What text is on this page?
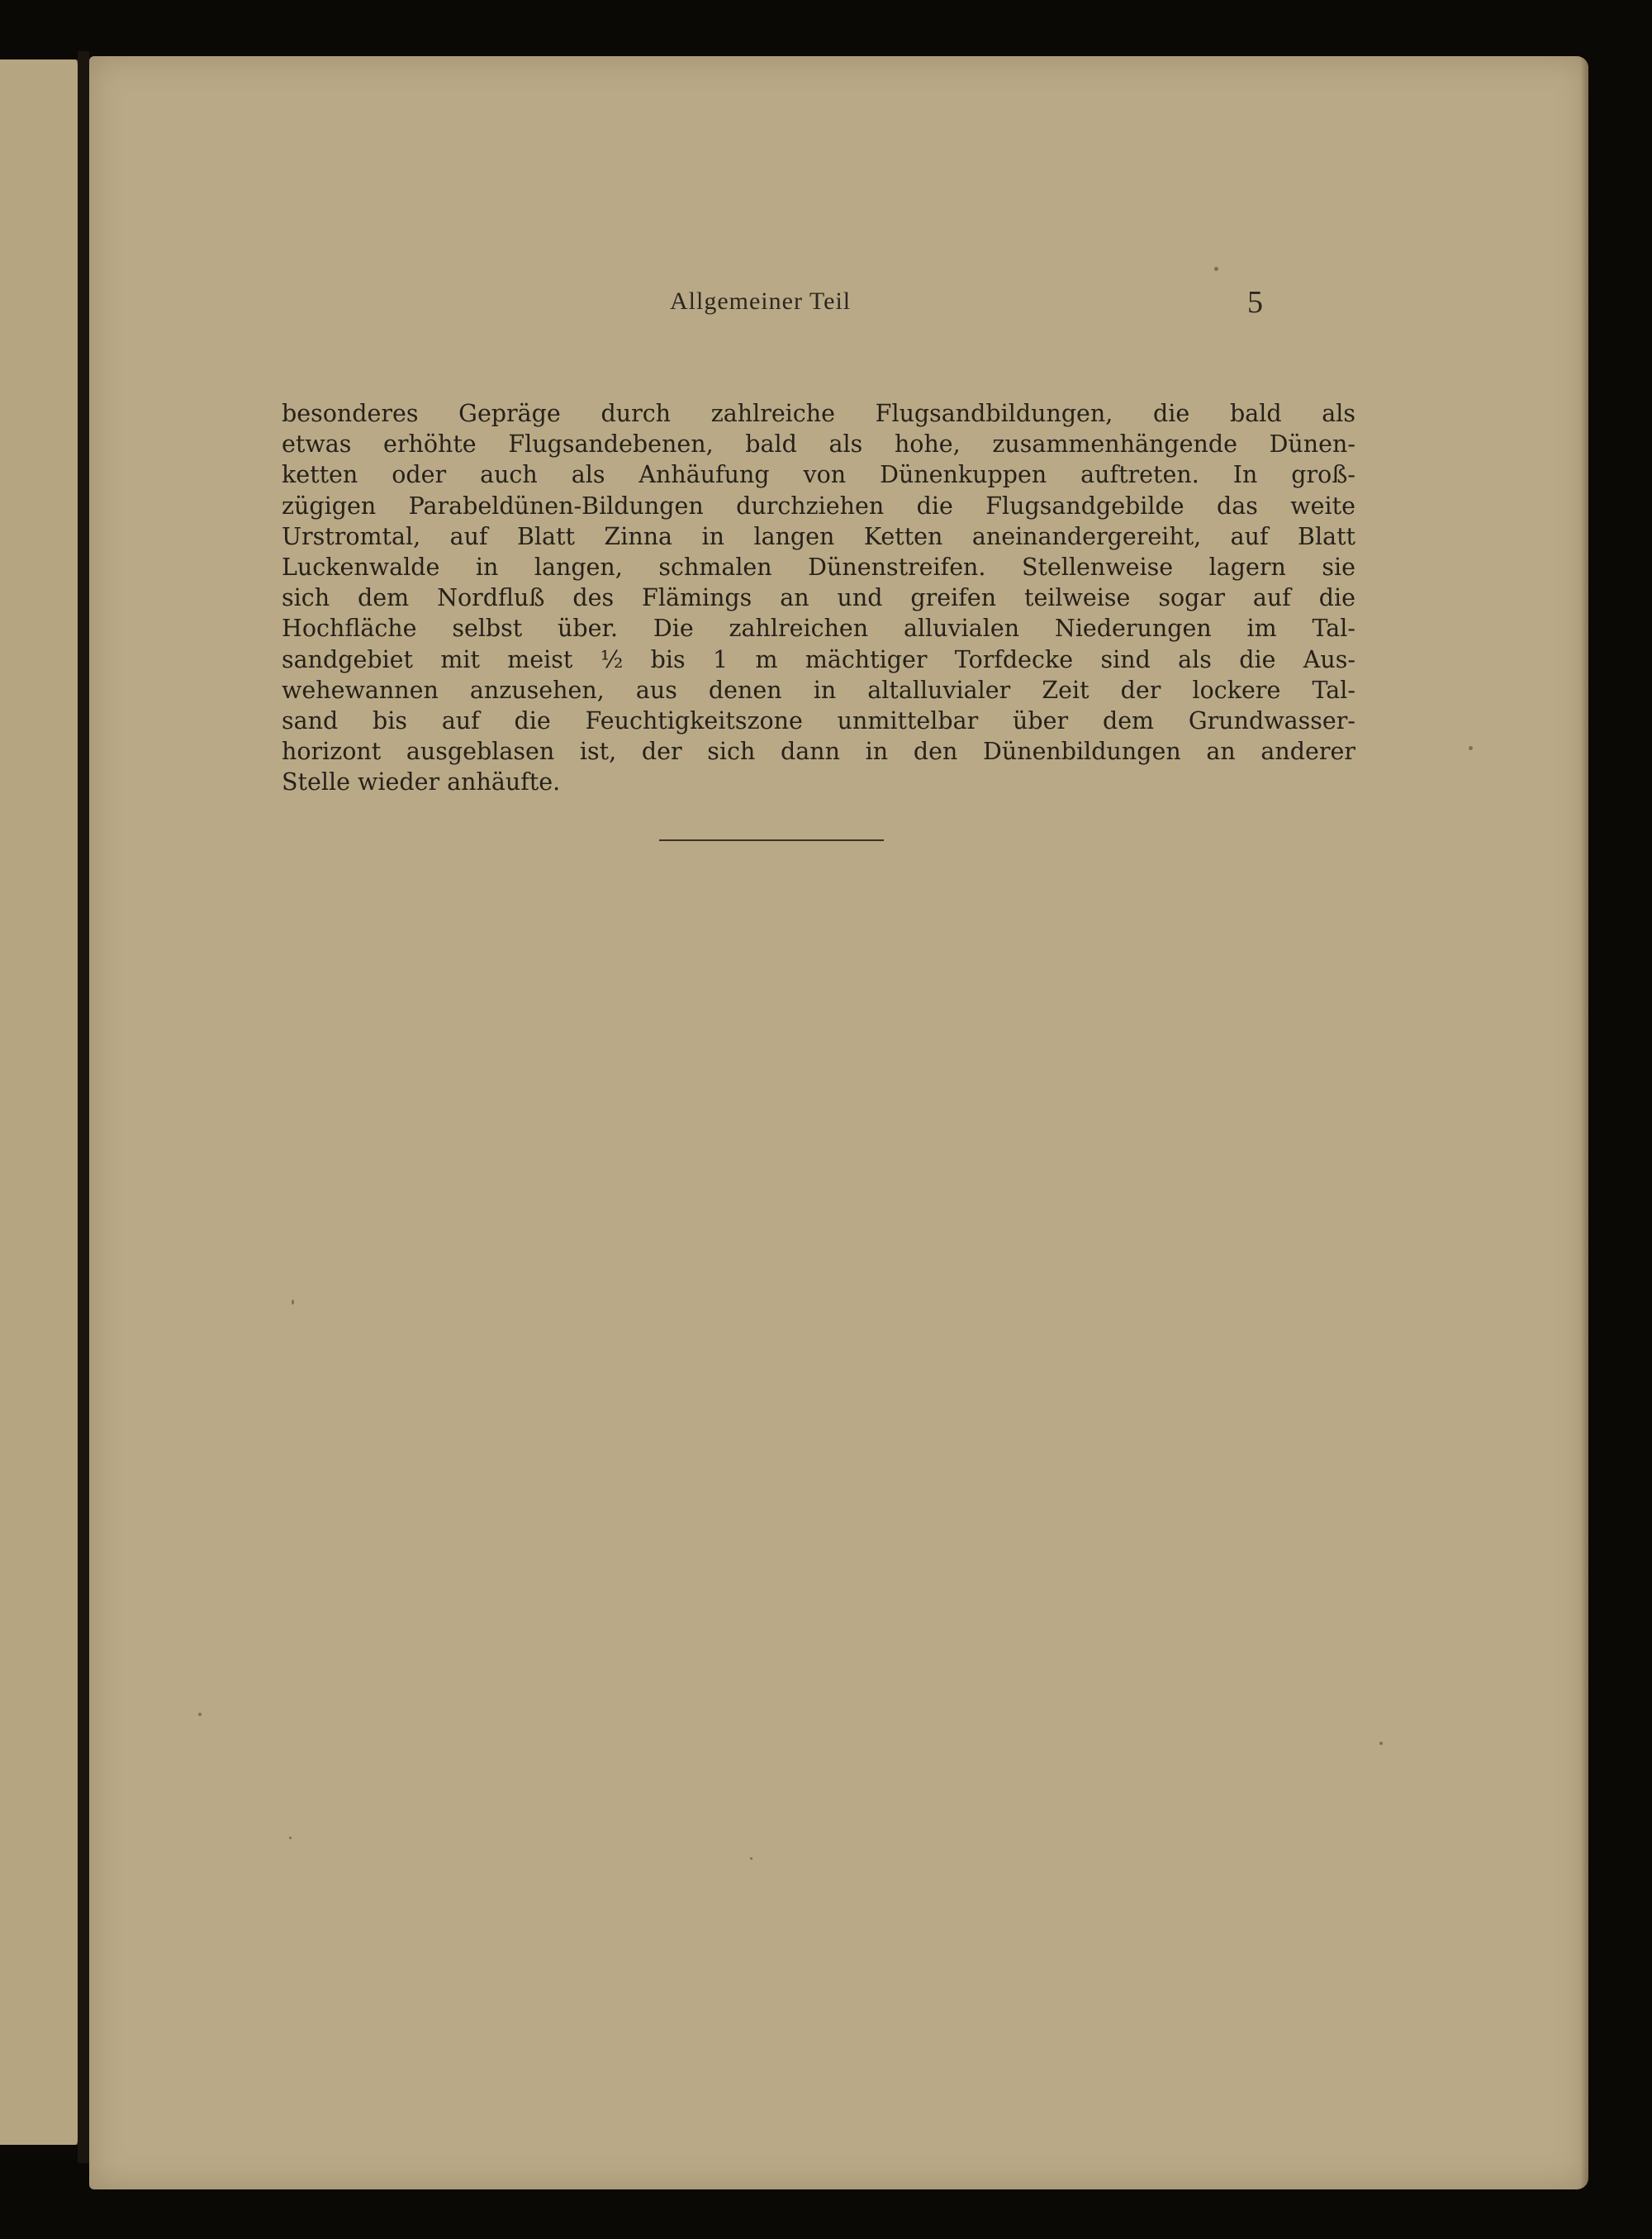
Allgemeiner Teil	5
besonderes Gepräge durch zahlreiche Flugsandbildungen, die bald als
etwas erhöhte Flugsandebenen, bald als hohe, zusammenhängende Dünen-
ketten oder auch als Anhäufung von Dünenkuppen auftreten. In groß-
zügigen Parabeldünen-Bildungen durchziehen die Flugsandgebilde das weite
Urstromtal, auf Blatt Zinna in langen Ketten aneinandergereiht, auf Blatt
Luckenwalde in langen, schmalen Dünenstreifen. Stellenweise lagern sie
sich dem Nordfluß des Flämings an und greifen teilweise sogar auf die
Hochfläche selbst über. Die zahlreichen alluvialen Niederungen im Tal-
sandgebiet mit meist ½ bis 1 m mächtiger Torfdecke sind als die Aus-
wehewannen anzusehen, aus denen in altalluvialer Zeit der lockere Tal-
sand bis auf die Feuchtigkeitszone unmittelbar über dem Grundwasser-
horizont ausgeblasen ist, der sich dann in den Dünenbildungen an anderer
Stelle wieder anhäufte.
